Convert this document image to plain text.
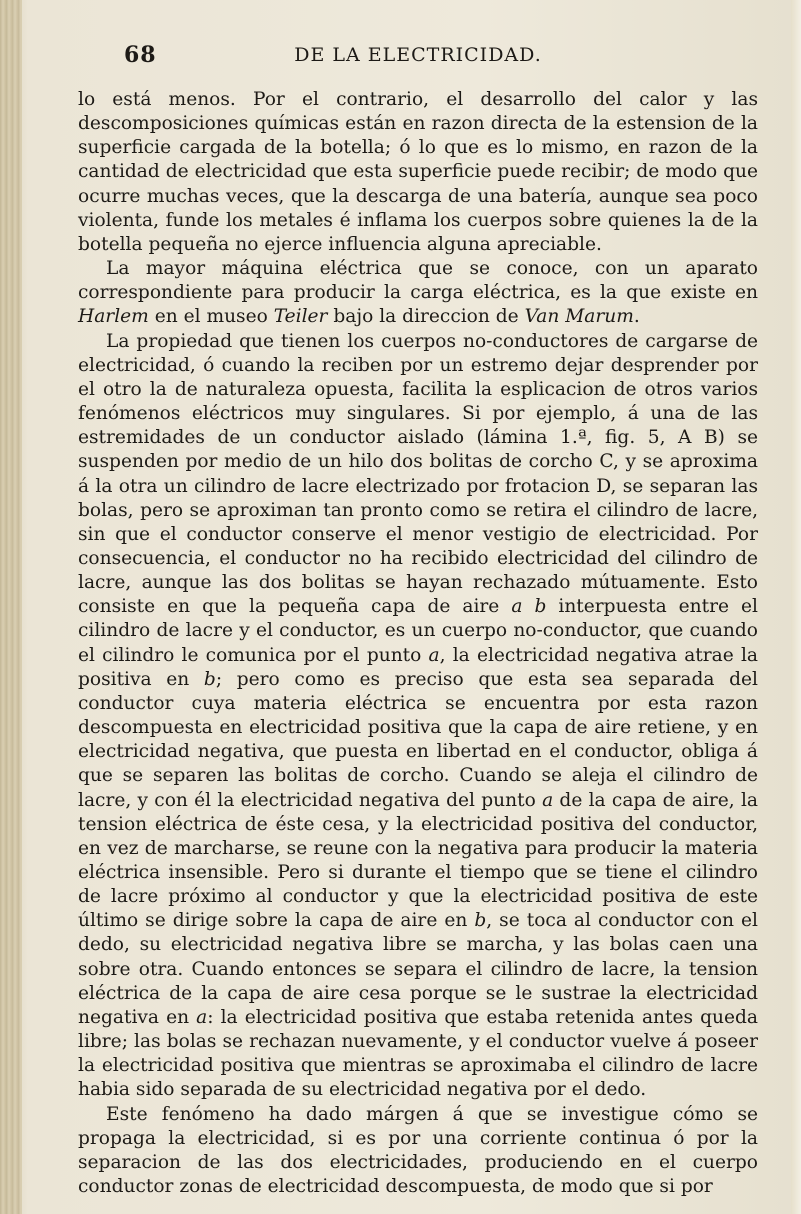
68	DE LA ELECTRICIDAD.

lo está menos. Por el contrario, el desarrollo del calor y las descomposiciones químicas están en razon directa de la estension de la superficie cargada de la botella; ó lo que es lo mismo, en razon de la cantidad de electricidad que esta superficie puede recibir; de modo que ocurre muchas veces, que la descarga de una batería, aunque sea poco violenta, funde los metales é inflama los cuerpos sobre quienes la de la botella pequeña no ejerce influencia alguna apreciable.

La mayor máquina eléctrica que se conoce, con un aparato correspondiente para producir la carga eléctrica, es la que existe en Harlem en el museo Teiler bajo la direccion de Van Marum.

La propiedad que tienen los cuerpos no-conductores de cargarse de electricidad, ó cuando la reciben por un estremo dejar desprender por el otro la de naturaleza opuesta, facilita la esplicacion de otros varios fenómenos eléctricos muy singulares. Si por ejemplo, á una de las estremidades de un conductor aislado (lámina 1.ª, fig. 5, A B) se suspenden por medio de un hilo dos bolitas de corcho C, y se aproxima á la otra un cilindro de lacre electrizado por frotacion D, se separan las bolas, pero se aproximan tan pronto como se retira el cilindro de lacre, sin que el conductor conserve el menor vestigio de electricidad. Por consecuencia, el conductor no ha recibido electricidad del cilindro de lacre, aunque las dos bolitas se hayan rechazado mútuamente. Esto consiste en que la pequeña capa de aire a b interpuesta entre el cilindro de lacre y el conductor, es un cuerpo no-conductor, que cuando el cilindro le comunica por el punto a, la electricidad negativa atrae la positiva en b; pero como es preciso que esta sea separada del conductor cuya materia eléctrica se encuentra por esta razon descompuesta en electricidad positiva que la capa de aire retiene, y en electricidad negativa, que puesta en libertad en el conductor, obliga á que se separen las bolitas de corcho. Cuando se aleja el cilindro de lacre, y con él la electricidad negativa del punto a de la capa de aire, la tension eléctrica de éste cesa, y la electricidad positiva del conductor, en vez de marcharse, se reune con la negativa para producir la materia eléctrica insensible. Pero si durante el tiempo que se tiene el cilindro de lacre próximo al conductor y que la electricidad positiva de este último se dirige sobre la capa de aire en b, se toca al conductor con el dedo, su electricidad negativa libre se marcha, y las bolas caen una sobre otra. Cuando entonces se separa el cilindro de lacre, la tension eléctrica de la capa de aire cesa porque se le sustrae la electricidad negativa en a: la electricidad positiva que estaba retenida antes queda libre; las bolas se rechazan nuevamente, y el conductor vuelve á poseer la electricidad positiva que mientras se aproximaba el cilindro de lacre habia sido separada de su electricidad negativa por el dedo.

Este fenómeno ha dado márgen á que se investigue cómo se propaga la electricidad, si es por una corriente continua ó por la separacion de las dos electricidades, produciendo en el cuerpo conductor zonas de electricidad descompuesta, de modo que si por
